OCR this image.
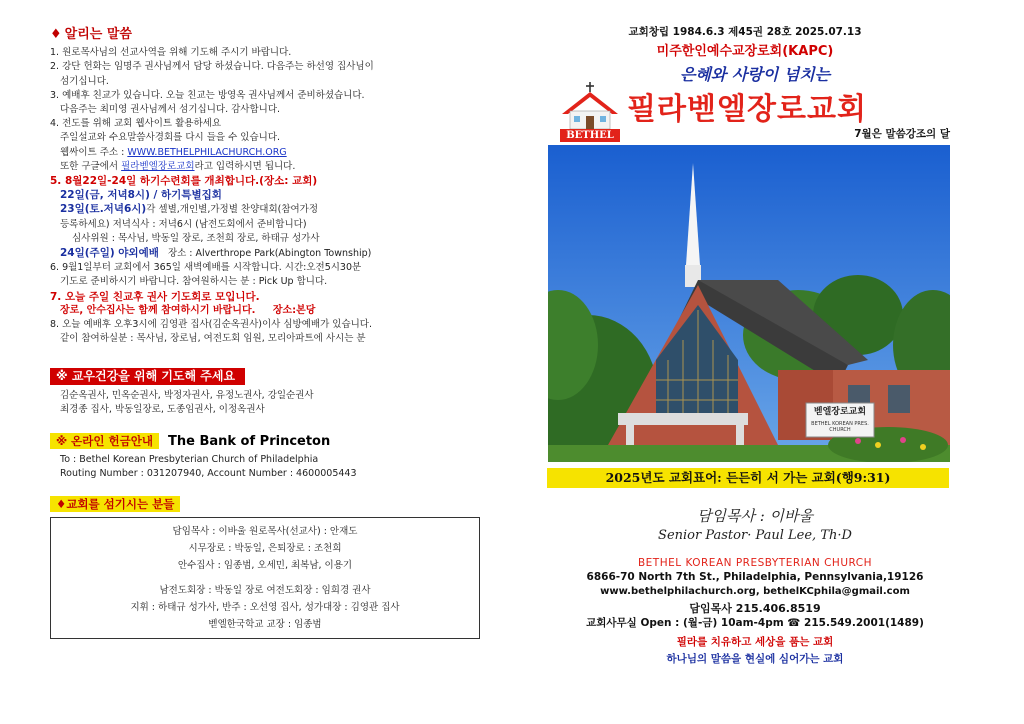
♦ 알리는 말씀

1. 원로목사님의 선교사역을 위해 기도해 주시기 바랍니다.

2. 강단 헌화는 임명주 권사님께서 담당 하셨습니다. 다음주는 하선영 집사님이

섬기십니다.

3. 예배후 친교가 있습니다. 오늘 친교는 방영옥 권사님께서 준비하셨습니다.

다음주는 최미영 권사님께서 섬기십니다. 감사합니다.

4. 전도를 위해 교회 웹사이트 활용하세요

주일설교와 수요말씀사경회를 다시 들을 수 있습니다.

웹싸이트 주소 : WWW.BETHELPHILACHURCH.ORG

또한 구글에서 필라벧엘장로교회라고 입력하시면 됩니다.

5. 8월22일-24일 하기수련회를 개최합니다.(장소: 교회)

22일(금, 저녁8시) / 하기특별집회

23일(토.저녁6시)각 셀별,개인별,가정별 찬양대회(참여가정

등록하세요) 저녁식사 : 저녁6시 (남전도회에서 준비합니다)

심사위원 : 목사님, 박동일 장로, 조천희 장로, 하태규 성가사

24일(주일) 야외예배 장소 : Alverthrope Park(Abington Township)

6. 9월1일부터 교회에서 365일 새벽예배를 시작합니다. 시간:오전5시30분

기도로 준비하시기 바랍니다. 참여원하시는 분 : Pick Up 합니다.

7. 오늘 주일 친교후 권사 기도회로 모입니다.

장로, 안수집사는 함께 참여하시기 바랍니다. 장소:본당

8. 오늘 예배후 오후3시에 김영관 집사(김순옥권사)이사 심방예배가 있습니다.

같이 참여하실분 : 목사님, 장로님, 여전도회 임원, 모리아파트에 사시는 분

※ 교우건강을 위해 기도해 주세요
김순옥권사, 민옥순권사, 박정자권사, 유정노권사, 강일순권사
최경종 집사, 박동일장로, 도종임권사, 이정옥권사
※ 온라인 헌금안내 The Bank of Princeton
To : Bethel Korean Presbyterian Church of Philadelphia
Routing Number : 031207940, Account Number : 4600005443
♦교회를 섬기시는 분들
담임목사 : 이바울 원로목사(선교사) : 안재도
시무장로 : 박동일, 은퇴장로 : 조천희
안수집사 : 임종범, 오세민, 최복남, 이용기
남전도회장 : 박동일 장로 여전도회장 : 임희경 권사
지휘 : 하태규 성가사, 반주 : 오선영 집사, 성가대장 : 김영관 집사
벧엘한국학교 교장 : 임종범
교회창립 1984.6.3 제45권 28호 2025.07.13
미주한인예수교장로회(KAPC)
BETHEL
은혜와 사랑이 넘치는
필라벧엘장로교회
7월은 말씀강조의 달
벧엘장로교회
BETHEL KOREAN PRES. CHURCH
2025년도 교회표어: 든든히 서 가는 교회(행9:31)
담임목사 : 이바울
Senior Pastor· Paul Lee, Th·D
BETHEL KOREAN PRESBYTERIAN CHURCH
6866-70 North 7th St., Philadelphia, Pennsylvania,19126
www.bethelphilachurch.org, bethelKCphila@gmail.com
담임목사 215.406.8519
교회사무실 Open : (월-금) 10am-4pm ☎ 215.549.2001(1489)
필라를 치유하고 세상을 품는 교회
하나님의 말씀을 현실에 심어가는 교회
